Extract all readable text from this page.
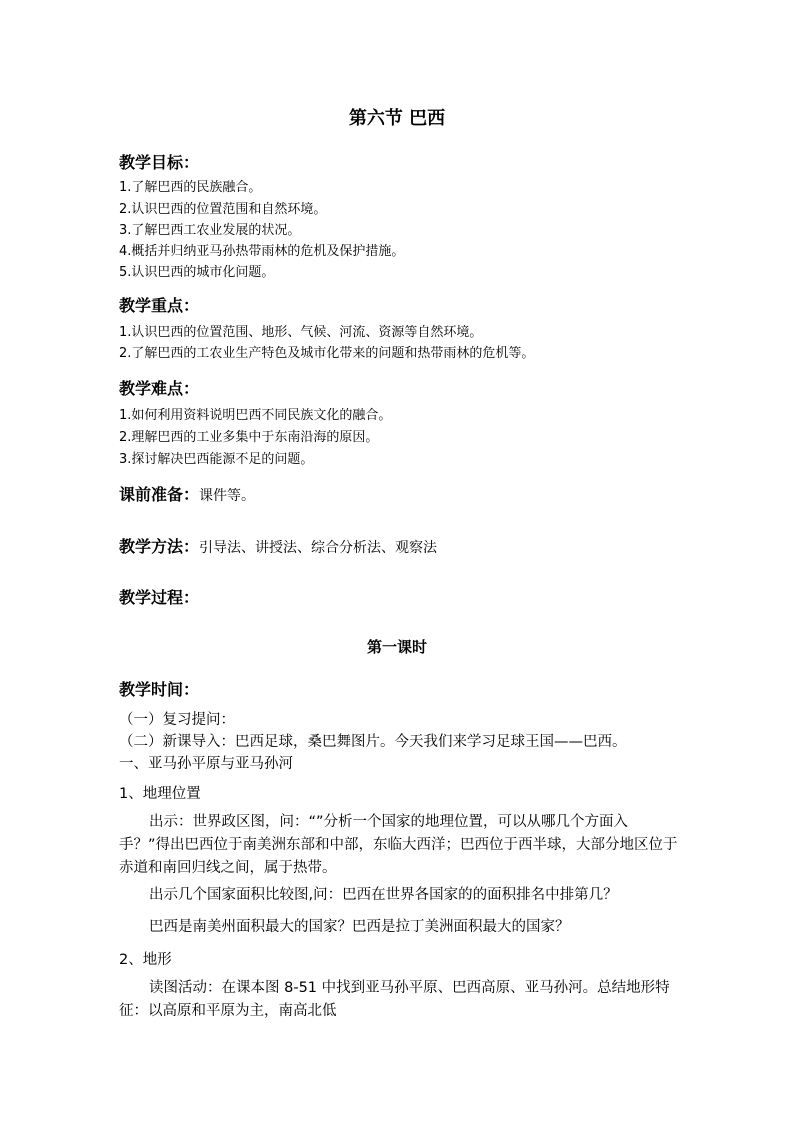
第六节 巴西
教学目标：
1.了解巴西的民族融合。
2.认识巴西的位置范围和自然环境。
3.了解巴西工农业发展的状况。
4.概括并归纳亚马孙热带雨林的危机及保护措施。
5.认识巴西的城市化问题。
教学重点：
1.认识巴西的位置范围、地形、气候、河流、资源等自然环境。
2.了解巴西的工农业生产特色及城市化带来的问题和热带雨林的危机等。
教学难点：
1.如何利用资料说明巴西不同民族文化的融合。
2.理解巴西的工业多集中于东南沿海的原因。
3.探讨解决巴西能源不足的问题。
课前准备：课件等。
教学方法：引导法、讲授法、综合分析法、观察法
教学过程：
第一课时
教学时间：
（一）复习提问：
（二）新课导入：巴西足球，桑巴舞图片。今天我们来学习足球王国——巴西。
一、亚马孙平原与亚马孙河
1、地理位置
出示：世界政区图，问：“”分析一个国家的地理位置，可以从哪几个方面入手？”得出巴西位于南美洲东部和中部，东临大西洋；巴西位于西半球，大部分地区位于赤道和南回归线之间，属于热带。
出示几个国家面积比较图,问：巴西在世界各国家的的面积排名中排第几？
巴西是南美州面积最大的国家？巴西是拉丁美洲面积最大的国家？
2、地形
读图活动：在课本图 8-51 中找到亚马孙平原、巴西高原、亚马孙河。总结地形特征：以高原和平原为主，南高北低
